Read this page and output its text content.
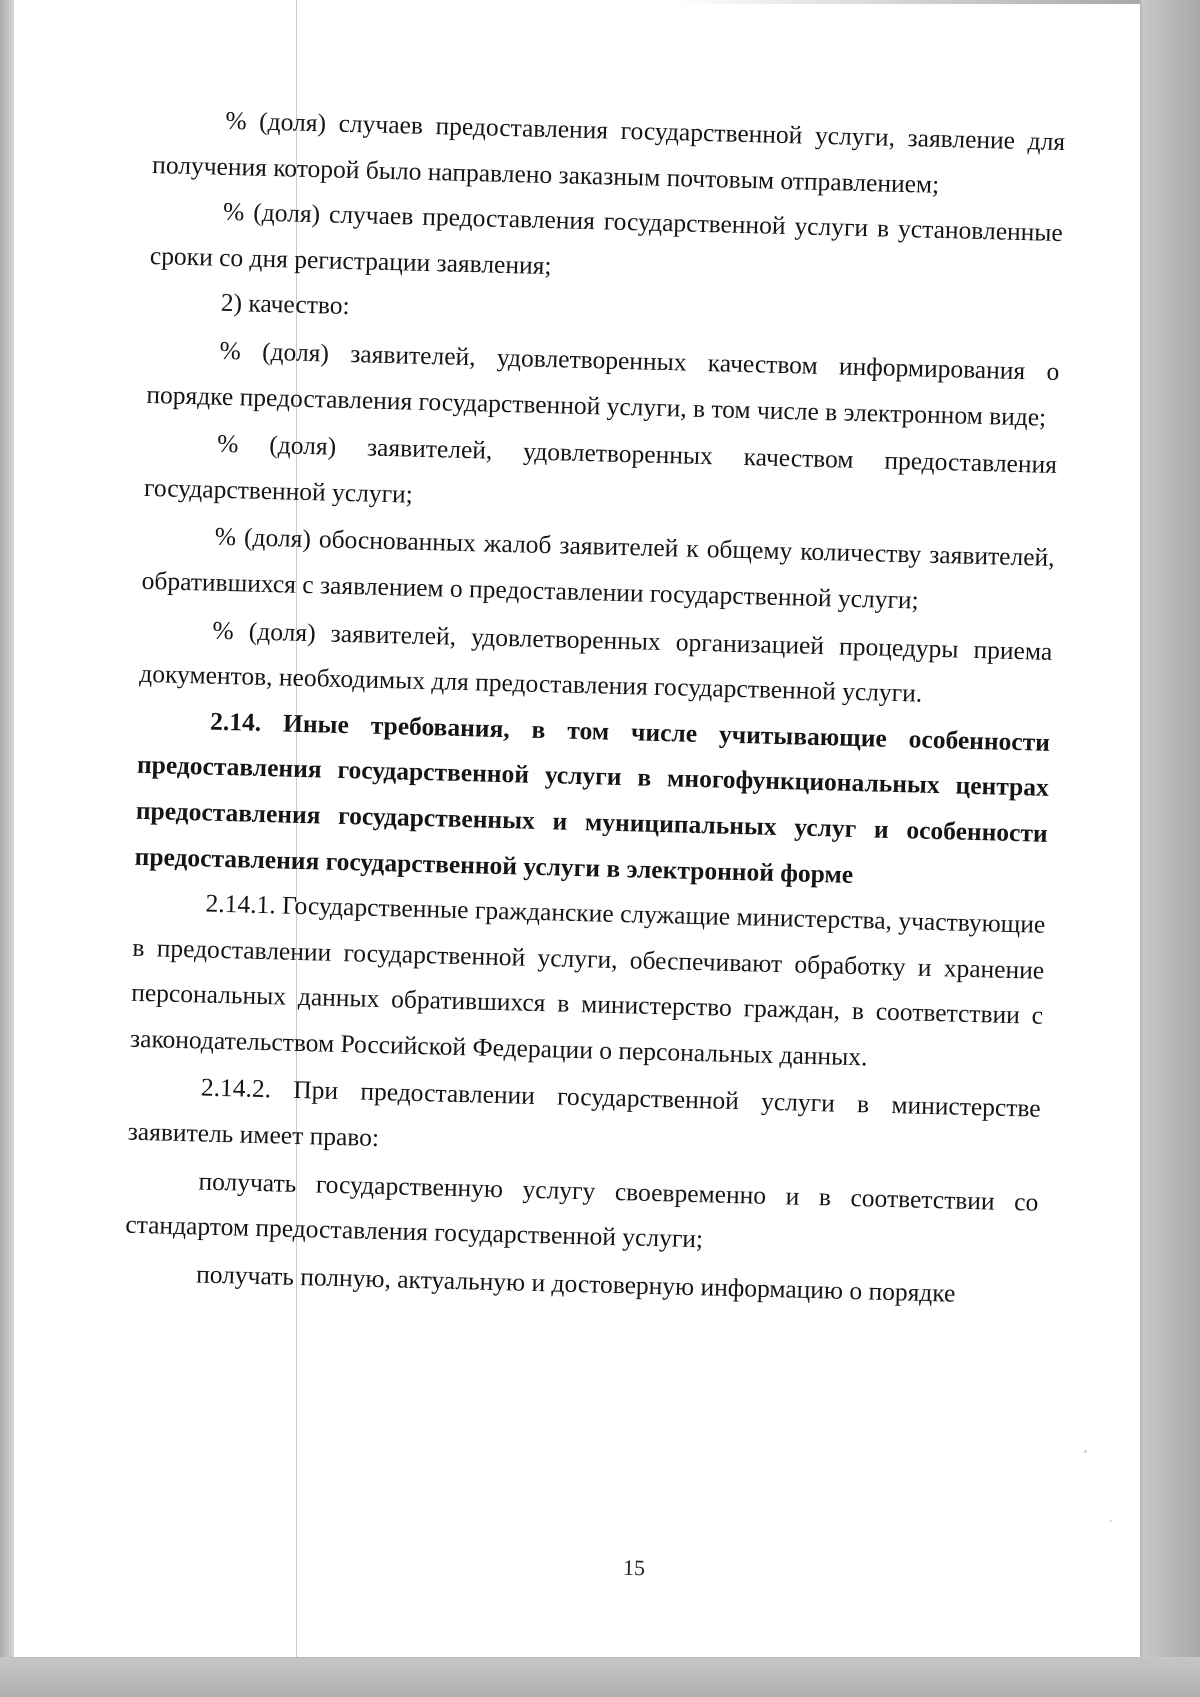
% (доля) случаев предоставления государственной услуги, заявление для получения которой было направлено заказным почтовым отправлением;

% (доля) случаев предоставления государственной услуги в установленные сроки со дня регистрации заявления;

2) качество:

% (доля) заявителей, удовлетворенных качеством информирования о порядке предоставления государственной услуги, в том числе в электронном виде;

% (доля) заявителей, удовлетворенных качеством предоставления государственной услуги;

% (доля) обоснованных жалоб заявителей к общему количеству заявителей, обратившихся с заявлением о предоставлении государственной услуги;

% (доля) заявителей, удовлетворенных организацией процедуры приема документов, необходимых для предоставления государственной услуги.

2.14. Иные требования, в том числе учитывающие особенности предоставления государственной услуги в многофункциональных центрах предоставления государственных и муниципальных услуг и особенности предоставления государственной услуги в электронной форме

2.14.1. Государственные гражданские служащие министерства, участвующие в предоставлении государственной услуги, обеспечивают обработку и хранение персональных данных обратившихся в министерство граждан, в соответствии с законодательством Российской Федерации о персональных данных.

2.14.2. При предоставлении государственной услуги в министерстве заявитель имеет право:

получать государственную услугу своевременно и в соответствии со стандартом предоставления государственной услуги;

получать полную, актуальную и достоверную информацию о порядке

15
